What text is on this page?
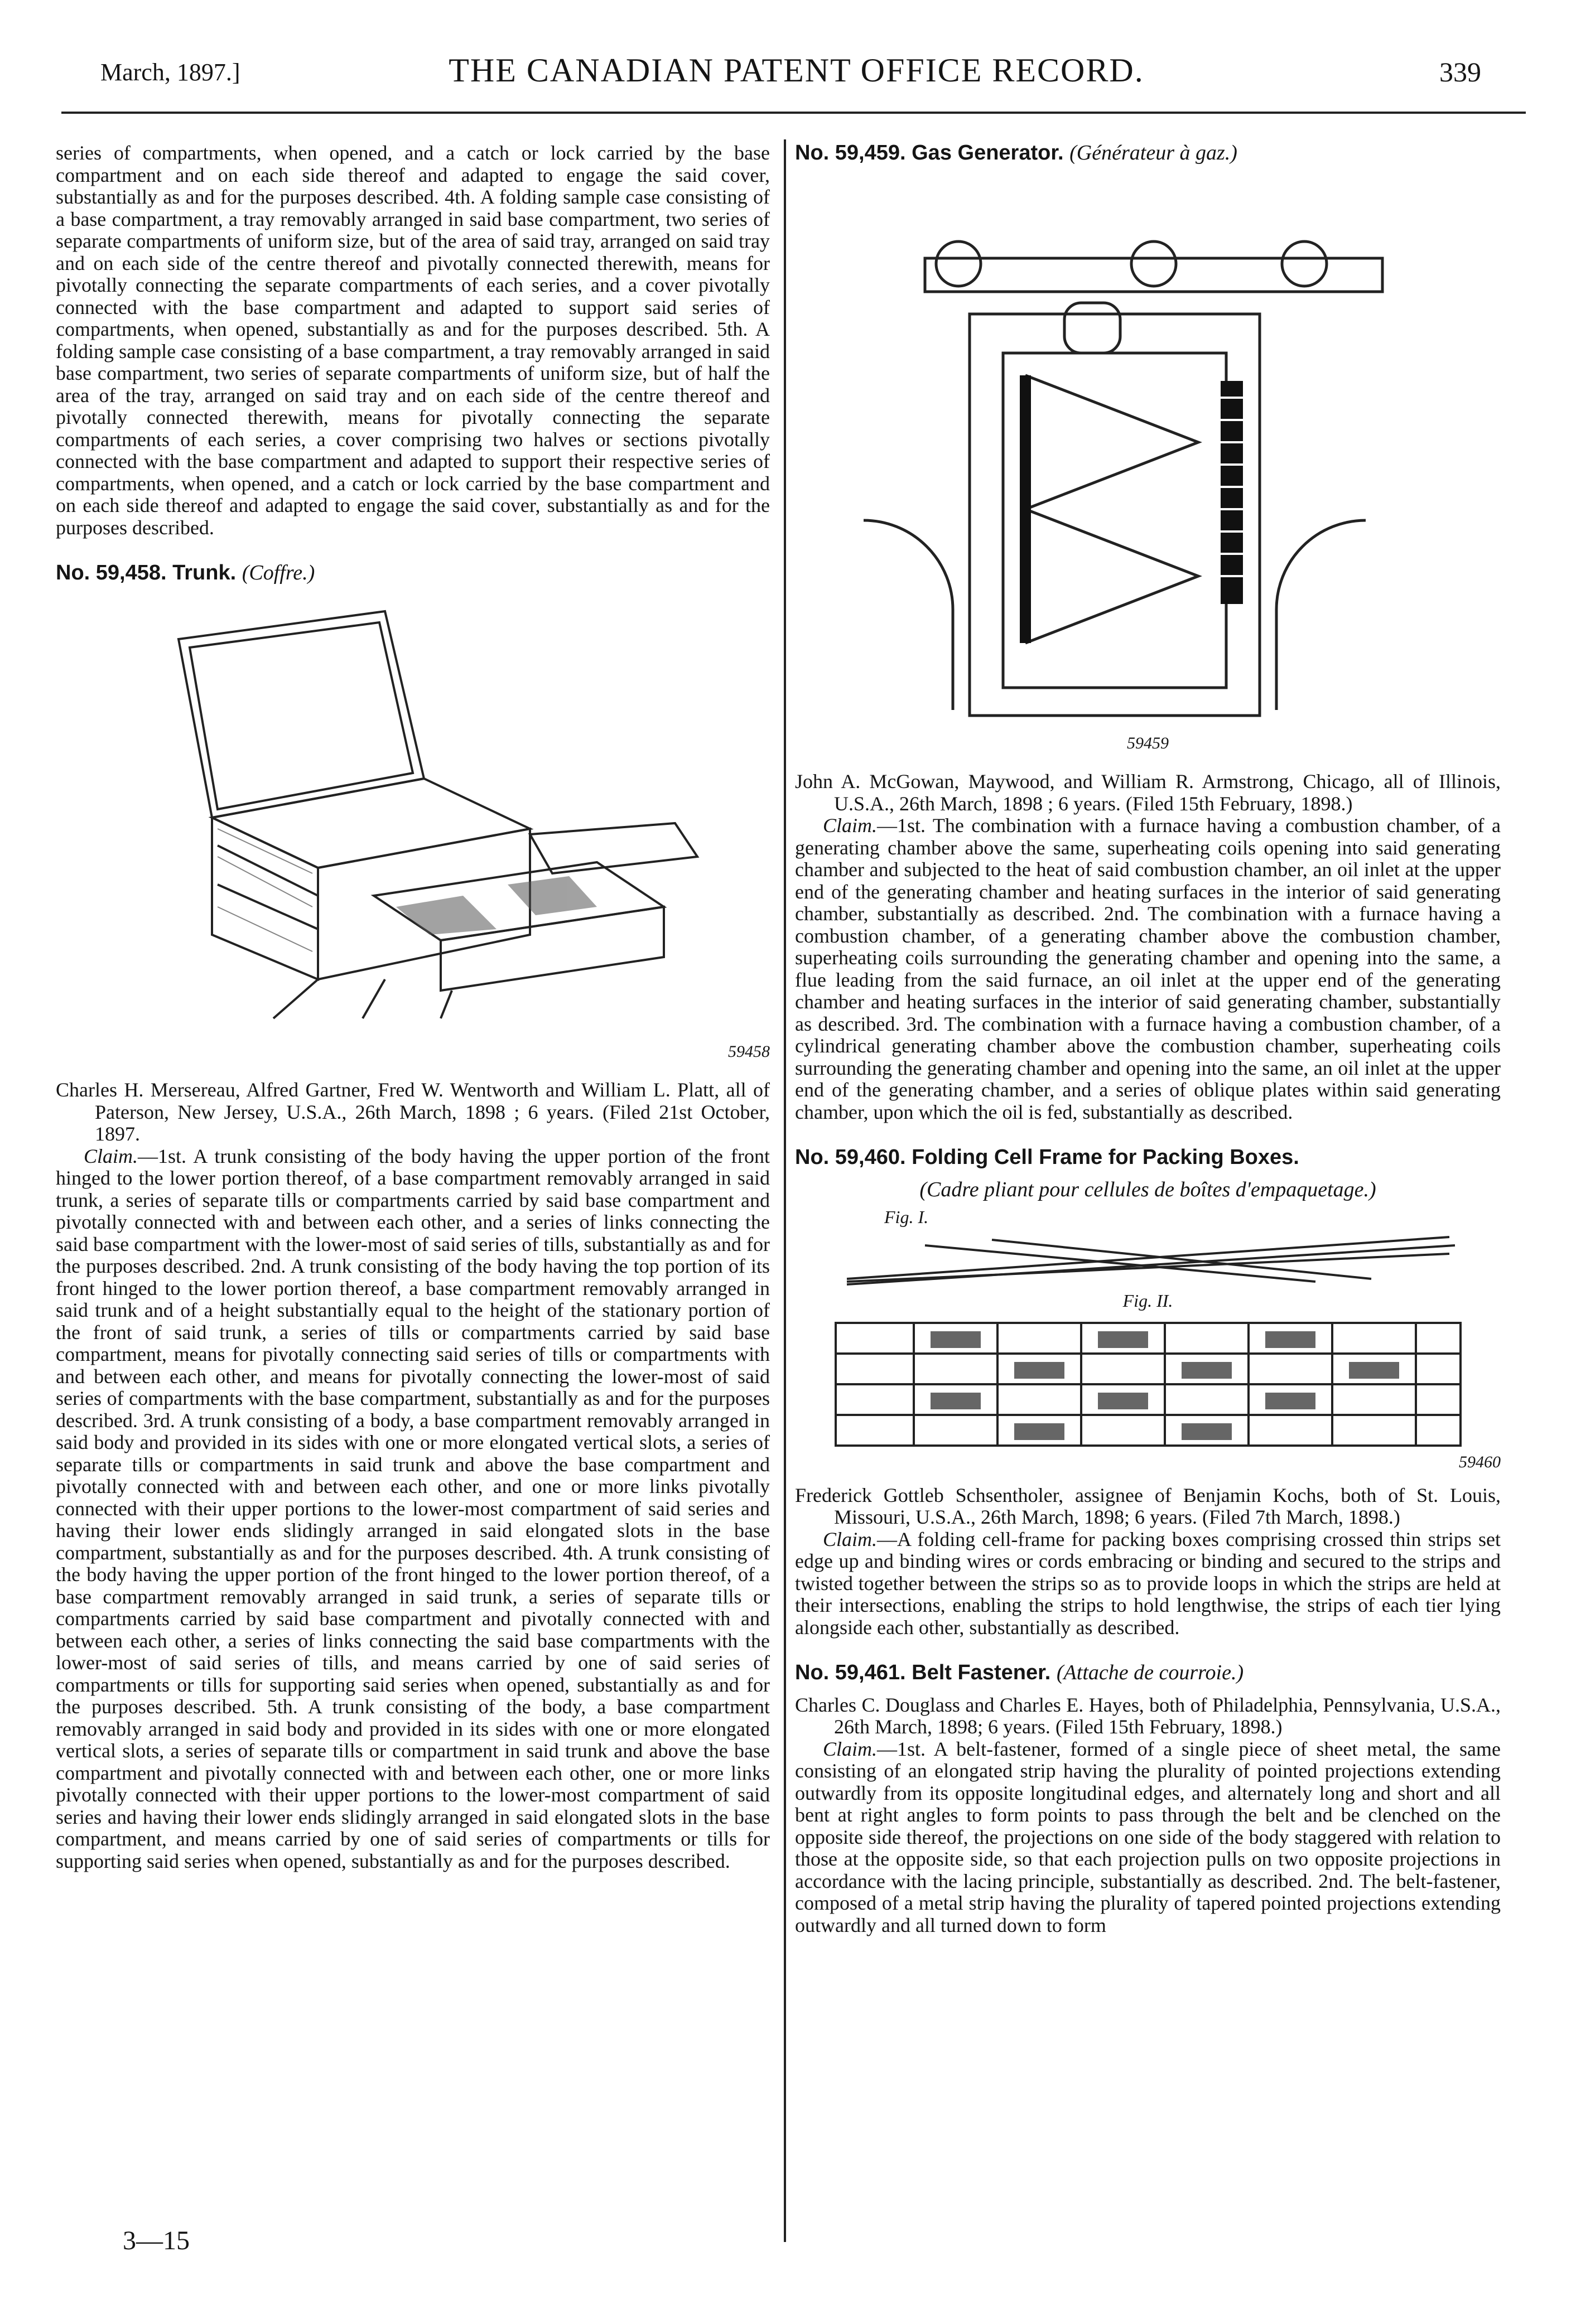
March, 1897.]	THE CANADIAN PATENT OFFICE RECORD.	339

series of compartments, when opened, and a catch or lock carried by the base compartment and on each side thereof and adapted to engage the said cover, substantially as and for the purposes described. 4th. A folding sample case consisting of a base compartment, a tray removably arranged in said base compartment, two series of separate compartments of uniform size, but of the area of said tray, arranged on said tray and on each side of the centre thereof and pivotally connected therewith, means for pivotally connecting the separate compartments of each series, and a cover pivotally connected with the base compartment and adapted to support said series of compartments, when opened, substantially as and for the purposes described. 5th. A folding sample case consisting of a base compartment, a tray removably arranged in said base compartment, two series of separate compartments of uniform size, but of half the area of the tray, arranged on said tray and on each side of the centre thereof and pivotally connected therewith, means for pivotally connecting the separate compartments of each series, a cover comprising two halves or sections pivotally connected with the base compartment and adapted to support their respective series of compartments, when opened, and a catch or lock carried by the base compartment and on each side thereof and adapted to engage the said cover, substantially as and for the purposes described.

No. 59,458. Trunk. (Coffre.)
59458

Charles H. Mersereau, Alfred Gartner, Fred W. Wentworth and William L. Platt, all of Paterson, New Jersey, U.S.A., 26th March, 1898 ; 6 years. (Filed 21st October, 1897.

Claim.—1st. A trunk consisting of the body having the upper portion of the front hinged to the lower portion thereof, of a base compartment removably arranged in said trunk, a series of separate tills or compartments carried by said base compartment and pivotally connected with and between each other, and a series of links connecting the said base compartment with the lower-most of said series of tills, substantially as and for the purposes described. 2nd. A trunk consisting of the body having the top portion of its front hinged to the lower portion thereof, a base compartment removably arranged in said trunk and of a height substantially equal to the height of the stationary portion of the front of said trunk, a series of tills or compartments carried by said base compartment, means for pivotally connecting said series of tills or compartments with and between each other, and means for pivotally connecting the lower-most of said series of compartments with the base compartment, substantially as and for the purposes described. 3rd. A trunk consisting of a body, a base compartment removably arranged in said body and provided in its sides with one or more elongated vertical slots, a series of separate tills or compartments in said trunk and above the base compartment and pivotally connected with and between each other, and one or more links pivotally connected with their upper portions to the lower-most compartment of said series and having their lower ends slidingly arranged in said elongated slots in the base compartment, substantially as and for the purposes described. 4th. A trunk consisting of the body having the upper portion of the front hinged to the lower portion thereof, of a base compartment removably arranged in said trunk, a series of separate tills or compartments carried by said base compartment and pivotally connected with and between each other, a series of links connecting the said base compartments with the lower-most of said series of tills, and means carried by one of said series of compartments or tills for supporting said series when opened, substantially as and for the purposes described. 5th. A trunk consisting of the body, a base compartment removably arranged in said body and provided in its sides with one or more elongated vertical slots, a series of separate tills or compartment in said trunk and above the base compartment and pivotally connected with and between each other, one or more links pivotally connected with their upper portions to the lower-most compartment of said series and having their lower ends slidingly arranged in said elongated slots in the base compartment, and means carried by one of said series of compartments or tills for supporting said series when opened, substantially as and for the purposes described.

No. 59,459. Gas Generator. (Générateur à gaz.)
59459

John A. McGowan, Maywood, and William R. Armstrong, Chicago, all of Illinois, U.S.A., 26th March, 1898 ; 6 years. (Filed 15th February, 1898.)

Claim.—1st. The combination with a furnace having a combustion chamber, of a generating chamber above the same, superheating coils opening into said generating chamber and subjected to the heat of said combustion chamber, an oil inlet at the upper end of the generating chamber and heating surfaces in the interior of said generating chamber, substantially as described. 2nd. The combination with a furnace having a combustion chamber, of a generating chamber above the combustion chamber, superheating coils surrounding the generating chamber and opening into the same, a flue leading from the said furnace, an oil inlet at the upper end of the generating chamber and heating surfaces in the interior of said generating chamber, substantially as described. 3rd. The combination with a furnace having a combustion chamber, of a cylindrical generating chamber above the combustion chamber, superheating coils surrounding the generating chamber and opening into the same, an oil inlet at the upper end of the generating chamber, and a series of oblique plates within said generating chamber, upon which the oil is fed, substantially as described.

No. 59,460. Folding Cell Frame for Packing Boxes.
(Cadre pliant pour cellules de boîtes d'empaquetage.)
Fig. I.
Fig. II.
59460

Frederick Gottleb Schsentholer, assignee of Benjamin Kochs, both of St. Louis, Missouri, U.S.A., 26th March, 1898; 6 years. (Filed 7th March, 1898.)

Claim.—A folding cell-frame for packing boxes comprising crossed thin strips set edge up and binding wires or cords embracing or binding and secured to the strips and twisted together between the strips so as to provide loops in which the strips are held at their intersections, enabling the strips to hold lengthwise, the strips of each tier lying alongside each other, substantially as described.

No. 59,461. Belt Fastener. (Attache de courroie.)

Charles C. Douglass and Charles E. Hayes, both of Philadelphia, Pennsylvania, U.S.A., 26th March, 1898; 6 years. (Filed 15th February, 1898.)

Claim.—1st. A belt-fastener, formed of a single piece of sheet metal, the same consisting of an elongated strip having the plurality of pointed projections extending outwardly from its opposite longitudinal edges, and alternately long and short and all bent at right angles to form points to pass through the belt and be clenched on the opposite side thereof, the projections on one side of the body staggered with relation to those at the opposite side, so that each projection pulls on two opposite projections in accordance with the lacing principle, substantially as described. 2nd. The belt-fastener, composed of a metal strip having the plurality of tapered pointed projections extending outwardly and all turned down to form

3—15
